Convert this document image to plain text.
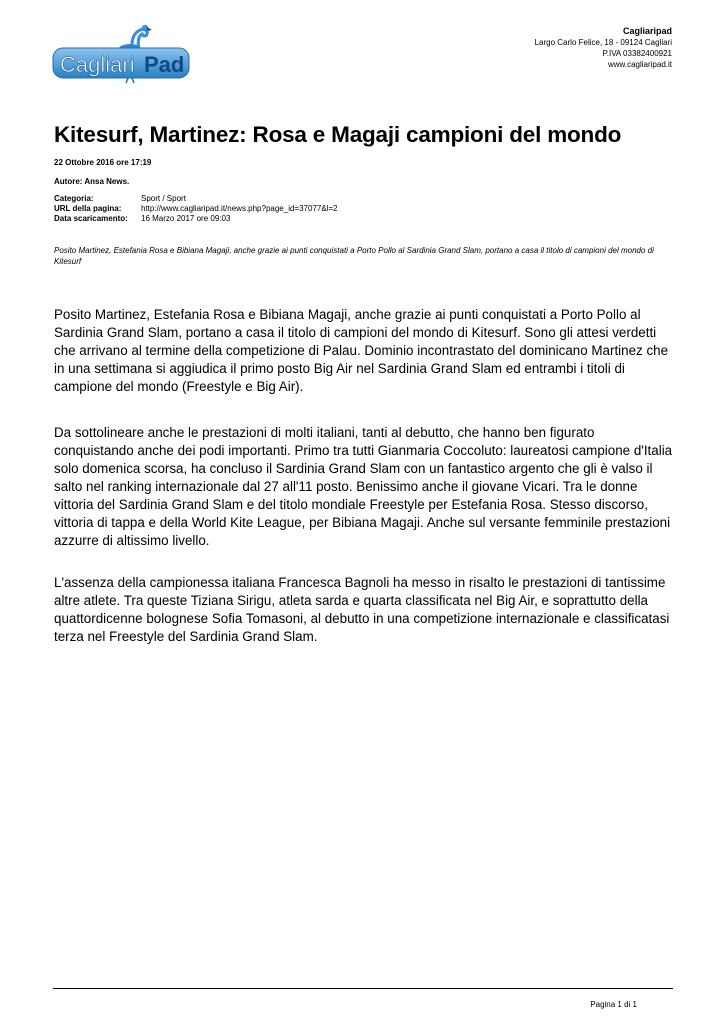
Cagliari Pad
Cagliaripad
Largo Carlo Felice, 18 - 09124 Cagliari
P.IVA 03382400921
www.cagliaripad.it
Kitesurf, Martinez: Rosa e Magaji campioni del mondo
22 Ottobre 2016 ore 17:19
Autore: Ansa News.
Categoria:	Sport / Sport
URL della pagina:	http://www.cagliaripad.it/news.php?page_id=37077&l=2
Data scaricamento:	16 Marzo 2017 ore 09:03

Posito Martinez, Estefania Rosa e Bibiana Magaji, anche grazie ai punti conquistati a Porto Pollo al Sardinia Grand Slam, portano a casa il titolo di campioni del mondo di Kitesurf

Posito Martinez, Estefania Rosa e Bibiana Magaji, anche grazie ai punti conquistati a Porto Pollo al Sardinia Grand Slam, portano a casa il titolo di campioni del mondo di Kitesurf. Sono gli attesi verdetti che arrivano al termine della competizione di Palau. Dominio incontrastato del dominicano Martinez che in una settimana si aggiudica il primo posto Big Air nel Sardinia Grand Slam ed entrambi i titoli di campione del mondo (Freestyle e Big Air).

Da sottolineare anche le prestazioni di molti italiani, tanti al debutto, che hanno ben figurato conquistando anche dei podi importanti. Primo tra tutti Gianmaria Coccoluto: laureatosi campione d'Italia solo domenica scorsa, ha concluso il Sardinia Grand Slam con un fantastico argento che gli è valso il salto nel ranking internazionale dal 27 all'11 posto. Benissimo anche il giovane Vicari. Tra le donne vittoria del Sardinia Grand Slam e del titolo mondiale Freestyle per Estefania Rosa. Stesso discorso, vittoria di tappa e della World Kite League, per Bibiana Magaji. Anche sul versante femminile prestazioni azzurre di altissimo livello.

L'assenza della campionessa italiana Francesca Bagnoli ha messo in risalto le prestazioni di tantissime altre atlete. Tra queste Tiziana Sirigu, atleta sarda e quarta classificata nel Big Air, e soprattutto della quattordicenne bolognese Sofia Tomasoni, al debutto in una competizione internazionale e classificatasi terza nel Freestyle del Sardinia Grand Slam.

Pagina 1 di 1
